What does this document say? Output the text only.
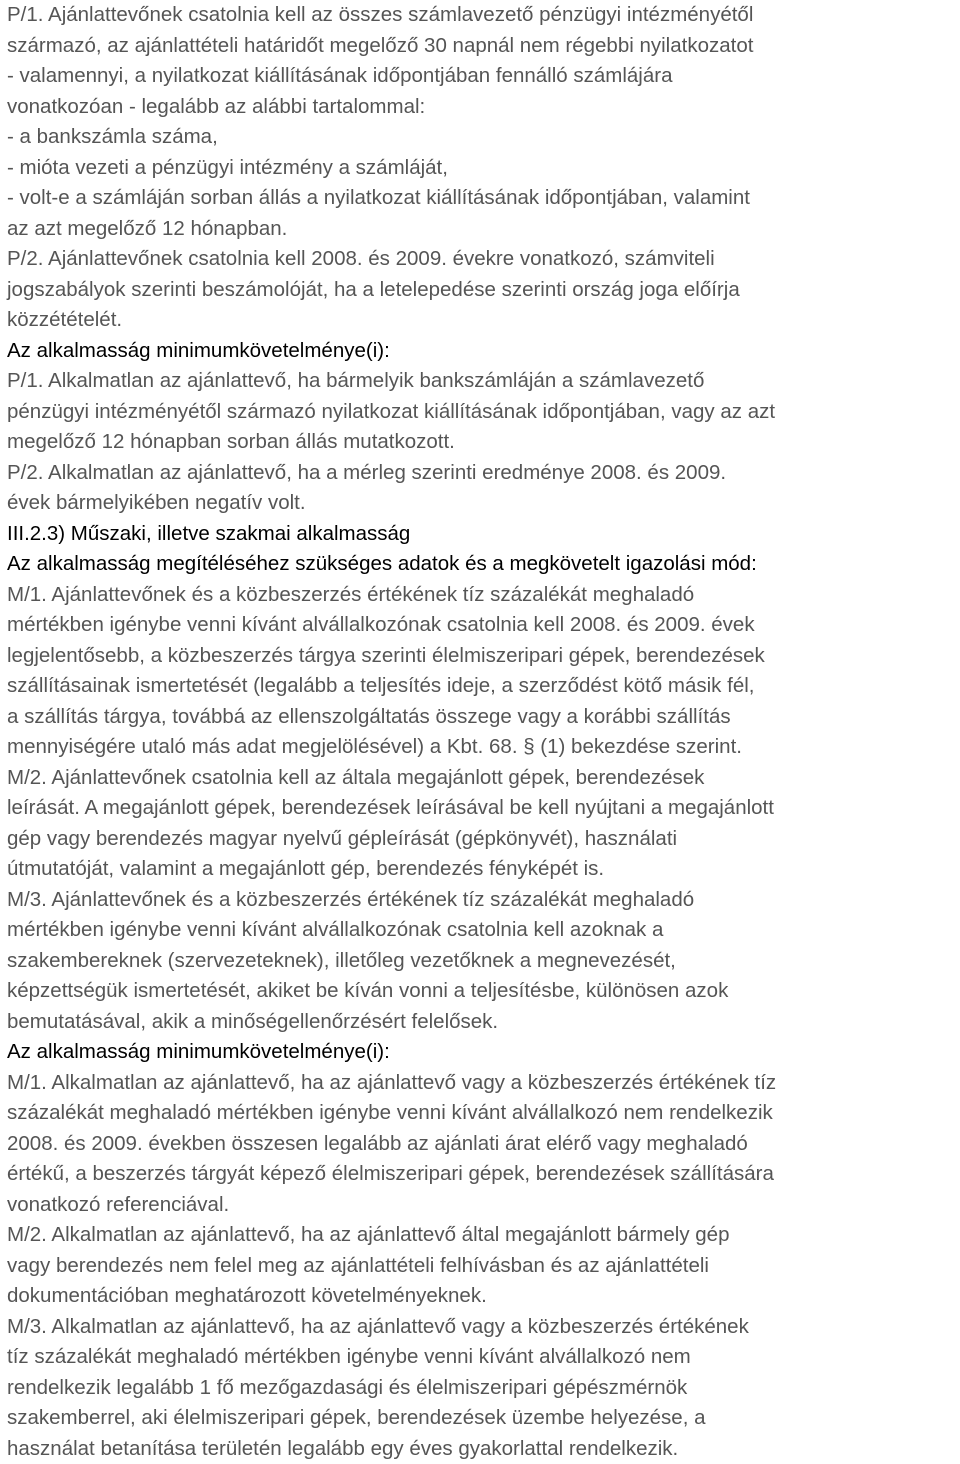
P/1. Ajánlattevőnek csatolnia kell az összes számlavezető pénzügyi intézményétől
származó, az ajánlattételi határidőt megelőző 30 napnál nem régebbi nyilatkozatot
- valamennyi, a nyilatkozat kiállításának időpontjában fennálló számlájára
vonatkozóan - legalább az alábbi tartalommal:
- a bankszámla száma,
- mióta vezeti a pénzügyi intézmény a számláját,
- volt-e a számláján sorban állás a nyilatkozat kiállításának időpontjában, valamint
az azt megelőző 12 hónapban.
P/2. Ajánlattevőnek csatolnia kell 2008. és 2009. évekre vonatkozó, számviteli
jogszabályok szerinti beszámolóját, ha a letelepedése szerinti ország joga előírja
közzétételét.
Az alkalmasság minimumkövetelménye(i):
P/1. Alkalmatlan az ajánlattevő, ha bármelyik bankszámláján a számlavezető
pénzügyi intézményétől származó nyilatkozat kiállításának időpontjában, vagy az azt
megelőző 12 hónapban sorban állás mutatkozott.
P/2. Alkalmatlan az ajánlattevő, ha a mérleg szerinti eredménye 2008. és 2009.
évek bármelyikében negatív volt.
III.2.3) Műszaki, illetve szakmai alkalmasság
Az alkalmasság megítéléséhez szükséges adatok és a megkövetelt igazolási mód:
M/1. Ajánlattevőnek és a közbeszerzés értékének tíz százalékát meghaladó
mértékben igénybe venni kívánt alvállalkozónak csatolnia kell 2008. és 2009. évek
legjelentősebb, a közbeszerzés tárgya szerinti élelmiszeripari gépek, berendezések
szállításainak ismertetését (legalább a teljesítés ideje, a szerződést kötő másik fél,
a szállítás tárgya, továbbá az ellenszolgáltatás összege vagy a korábbi szállítás
mennyiségére utaló más adat megjelölésével) a Kbt. 68. § (1) bekezdése szerint.
M/2. Ajánlattevőnek csatolnia kell az általa megajánlott gépek, berendezések
leírását. A megajánlott gépek, berendezések leírásával be kell nyújtani a megajánlott
gép vagy berendezés magyar nyelvű gépleírását (gépkönyvét), használati
útmutatóját, valamint a megajánlott gép, berendezés fényképét is.
M/3. Ajánlattevőnek és a közbeszerzés értékének tíz százalékát meghaladó
mértékben igénybe venni kívánt alvállalkozónak csatolnia kell azoknak a
szakembereknek (szervezeteknek), illetőleg vezetőknek a megnevezését,
képzettségük ismertetését, akiket be kíván vonni a teljesítésbe, különösen azok
bemutatásával, akik a minőségellenőrzésért felelősek.
Az alkalmasság minimumkövetelménye(i):
M/1. Alkalmatlan az ajánlattevő, ha az ajánlattevő vagy a közbeszerzés értékének tíz
százalékát meghaladó mértékben igénybe venni kívánt alvállalkozó nem rendelkezik
2008. és 2009. években összesen legalább az ajánlati árat elérő vagy meghaladó
értékű, a beszerzés tárgyát képező élelmiszeripari gépek, berendezések szállítására
vonatkozó referenciával.
M/2. Alkalmatlan az ajánlattevő, ha az ajánlattevő által megajánlott bármely gép
vagy berendezés nem felel meg az ajánlattételi felhívásban és az ajánlattételi
dokumentációban meghatározott követelményeknek.
M/3. Alkalmatlan az ajánlattevő, ha az ajánlattevő vagy a közbeszerzés értékének
tíz százalékát meghaladó mértékben igénybe venni kívánt alvállalkozó nem
rendelkezik legalább 1 fő mezőgazdasági és élelmiszeripari gépészmérnök
szakemberrel, aki élelmiszeripari gépek, berendezések üzembe helyezése, a
használat betanítása területén legalább egy éves gyakorlattal rendelkezik.
